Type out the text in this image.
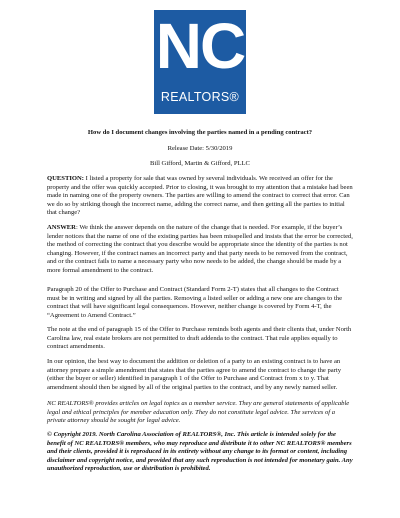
NC
REALTORS®
How do I document changes involving the parties named in a pending contract?
Release Date: 5/30/2019
Bill Gifford, Martin & Gifford, PLLC

QUESTION: I listed a property for sale that was owned by several individuals. We received an offer for the property and the offer was quickly accepted. Prior to closing, it was brought to my attention that a mistake had been made in naming one of the property owners. The parties are willing to amend the contract to correct that error. Can we do so by striking though the incorrect name, adding the correct name, and then getting all the parties to initial that change?

ANSWER: We think the answer depends on the nature of the change that is needed. For example, if the buyer’s lender notices that the name of one of the existing parties has been misspelled and insists that the error be corrected, the method of correcting the contract that you describe would be appropriate since the identity of the parties is not changing. However, if the contract names an incorrect party and that party needs to be removed from the contract, and or the contract fails to name a necessary party who now needs to be added, the change should be made by a more formal amendment to the contract.

Paragraph 20 of the Offer to Purchase and Contract (Standard Form 2-T) states that all changes to the Contract must be in writing and signed by all the parties. Removing a listed seller or adding a new one are changes to the contract that will have significant legal consequences. However, neither change is covered by Form 4-T, the “Agreement to Amend Contract.”

The note at the end of paragraph 15 of the Offer to Purchase reminds both agents and their clients that, under North Carolina law, real estate brokers are not permitted to draft addenda to the contract. That rule applies equally to contract amendments.

In our opinion, the best way to document the addition or deletion of a party to an existing contract is to have an attorney prepare a simple amendment that states that the parties agree to amend the contract to change the party (either the buyer or seller) identified in paragraph 1 of the Offer to Purchase and Contract from x to y. That amendment should then be signed by all of the original parties to the contract, and by any newly named seller.

NC REALTORS® provides articles on legal topics as a member service. They are general statements of applicable legal and ethical principles for member education only. They do not constitute legal advice. The services of a private attorney should be sought for legal advice.

© Copyright 2019. North Carolina Association of REALTORS®, Inc. This article is intended solely for the benefit of NC REALTORS® members, who may reproduce and distribute it to other NC REALTORS® members and their clients, provided it is reproduced in its entirety without any change to its format or content, including disclaimer and copyright notice, and provided that any such reproduction is not intended for monetary gain. Any unauthorized reproduction, use or distribution is prohibited.
